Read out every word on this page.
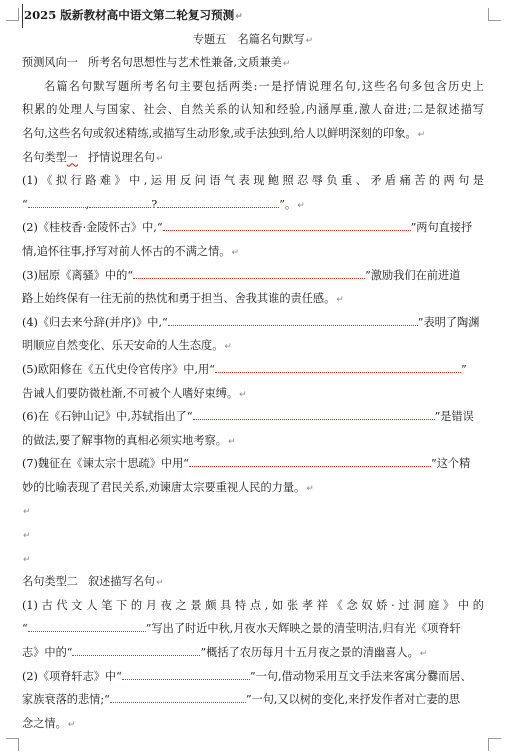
2025 版新教材高中语文第二轮复习预测↵
专题五　名篇名句默写↵
预测风向一 所考名句思想性与艺术性兼备,文质兼美↵
名篇名句默写题所考名句主要包括两类:一是抒情说理名句,这些名句多包含历史上
积累的处理人与国家、社会、自然关系的认知和经验,内涵厚重,激人奋进;二是叙述描写
名句,这些名句或叙述精练,或描写生动形象,或手法独到,给人以鲜明深刻的印象。↵
名句类型一 抒情说理名句↵
(1)《拟行路难》中,运用反问语气表现鲍照忍辱负重、矛盾痛苦的两句是
“	,	?	”。↵
(2)《桂枝香·金陵怀古》中,“	”两句直接抒
情,追怀往事,抒写对前人怀古的不满之情。↵
(3)屈原《离骚》中的“	”激励我们在前进道
路上始终保有一往无前的热忱和勇于担当、舍我其谁的责任感。↵
(4)《归去来兮辞(并序)》中,“	”表明了陶渊
明顺应自然变化、乐天安命的人生态度。↵
(5)欧阳修在《五代史伶官传序》中,用“	”
告诫人们要防微杜渐,不可被个人嗜好束缚。↵
(6)在《石钟山记》中,苏轼指出了“	”是错误
的做法,要了解事物的真相必须实地考察。↵
(7)魏征在《谏太宗十思疏》中用“	”这个精
妙的比喻表现了君民关系,劝谏唐太宗要重视人民的力量。↵
↵
↵
↵
名句类型二 叙述描写名句↵
(1)古代文人笔下的月夜之景颇具特点,如张孝祥《念奴娇·过洞庭》中的
“	”写出了时近中秋,月夜水天辉映之景的清莹明洁,归有光《项脊轩
志》中的“	”概括了农历每月十五月夜之景的清幽喜人。↵
(2)《项脊轩志》中“	”一句,借动物采用互文手法来客寓分爨而居、
家族衰落的悲情;“	”一句,又以树的变化,来抒发作者对亡妻的思
念之情。↵
